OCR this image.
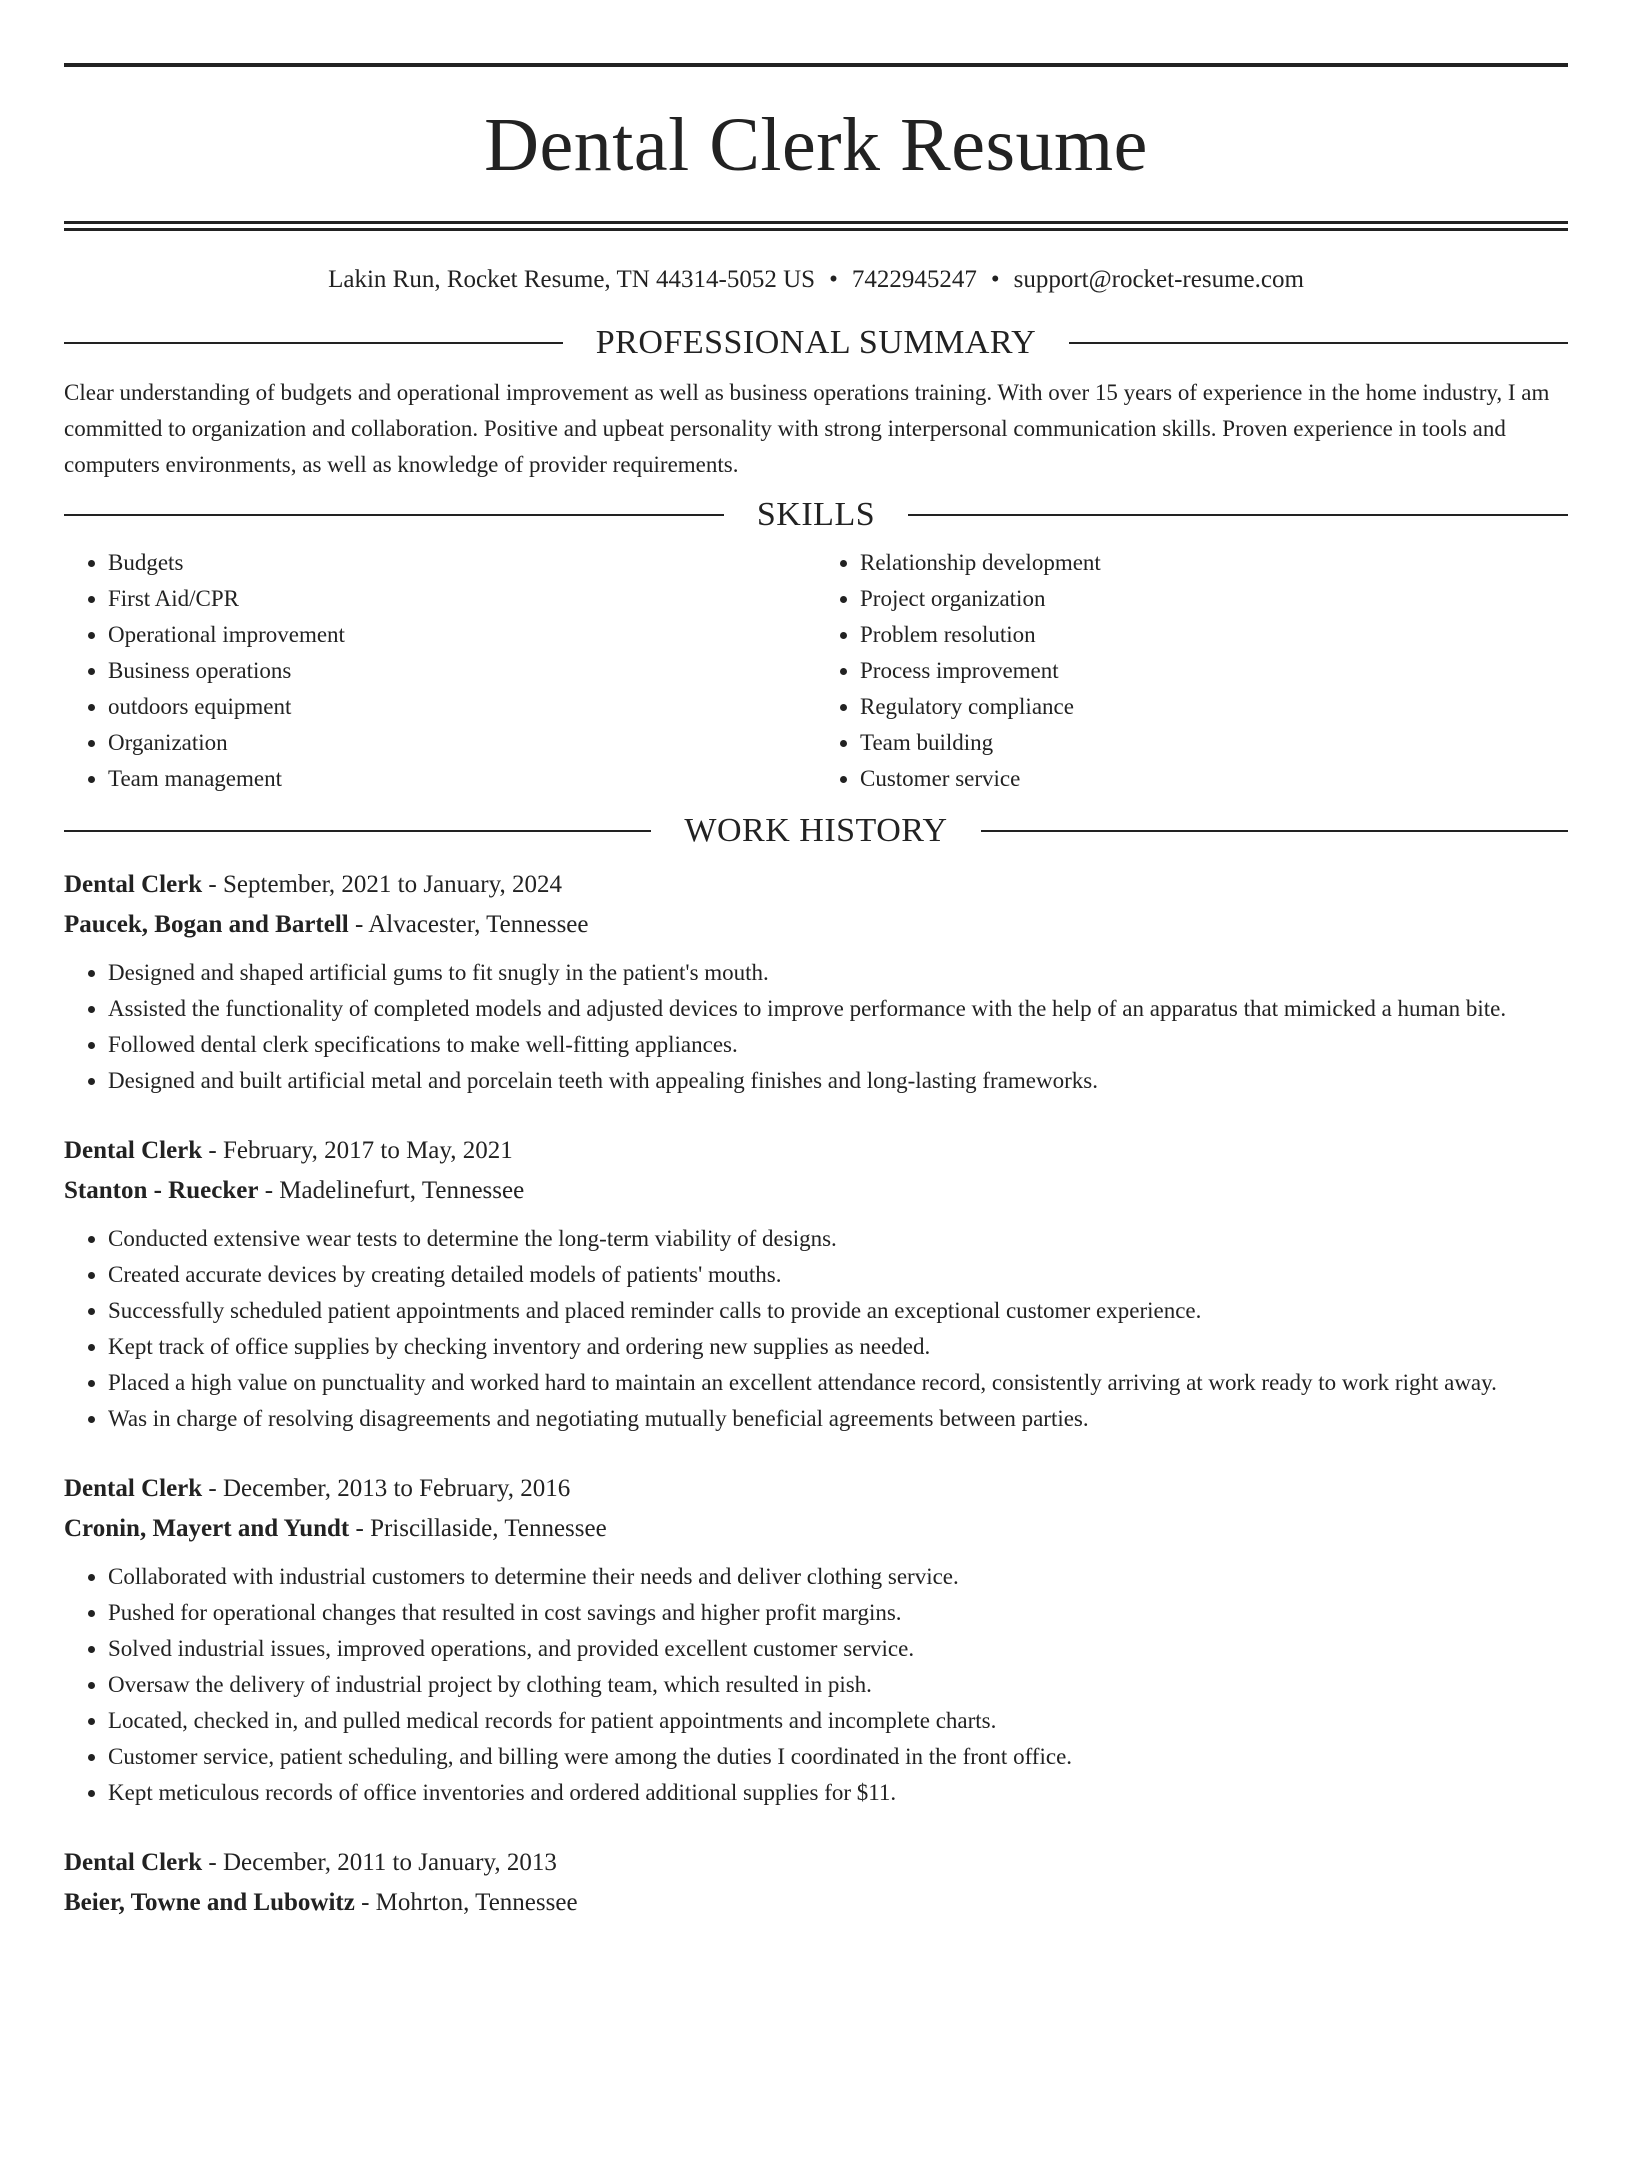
Dental Clerk Resume
Lakin Run, Rocket Resume, TN 44314-5052 US • 7422945247 • support@rocket-resume.com
PROFESSIONAL SUMMARY

Clear understanding of budgets and operational improvement as well as business operations training. With over 15 years of experience in the home industry, I am committed to organization and collaboration. Positive and upbeat personality with strong interpersonal communication skills. Proven experience in tools and computers environments, as well as knowledge of provider requirements.

SKILLS
• Budgets
• First Aid/CPR
• Operational improvement
• Business operations
• outdoors equipment
• Organization
• Team management
• Relationship development
• Project organization
• Problem resolution
• Process improvement
• Regulatory compliance
• Team building
• Customer service
WORK HISTORY
Dental Clerk - September, 2021 to January, 2024
Paucek, Bogan and Bartell - Alvacester, Tennessee
• Designed and shaped artificial gums to fit snugly in the patient's mouth.
• Assisted the functionality of completed models and adjusted devices to improve performance with the help of an apparatus that mimicked a human bite.
• Followed dental clerk specifications to make well-fitting appliances.
• Designed and built artificial metal and porcelain teeth with appealing finishes and long-lasting frameworks.
Dental Clerk - February, 2017 to May, 2021
Stanton - Ruecker - Madelinefurt, Tennessee
• Conducted extensive wear tests to determine the long-term viability of designs.
• Created accurate devices by creating detailed models of patients' mouths.
• Successfully scheduled patient appointments and placed reminder calls to provide an exceptional customer experience.
• Kept track of office supplies by checking inventory and ordering new supplies as needed.
• Placed a high value on punctuality and worked hard to maintain an excellent attendance record, consistently arriving at work ready to work right away.
• Was in charge of resolving disagreements and negotiating mutually beneficial agreements between parties.
Dental Clerk - December, 2013 to February, 2016
Cronin, Mayert and Yundt - Priscillaside, Tennessee
• Collaborated with industrial customers to determine their needs and deliver clothing service.
• Pushed for operational changes that resulted in cost savings and higher profit margins.
• Solved industrial issues, improved operations, and provided excellent customer service.
• Oversaw the delivery of industrial project by clothing team, which resulted in pish.
• Located, checked in, and pulled medical records for patient appointments and incomplete charts.
• Customer service, patient scheduling, and billing were among the duties I coordinated in the front office.
• Kept meticulous records of office inventories and ordered additional supplies for $11.
Dental Clerk - December, 2011 to January, 2013
Beier, Towne and Lubowitz - Mohrton, Tennessee
